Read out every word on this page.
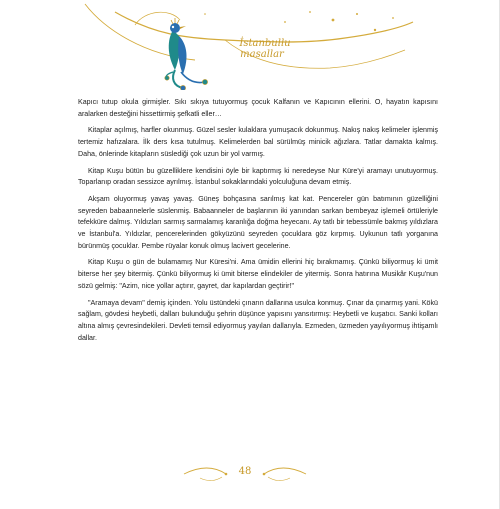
İstanbullu
masallar

Kapıcı tutup okula girmişler. Sıkı sıkıya tutuyormuş çocuk Kalfanın ve Kapıcının ellerini. O, hayatın kapısını aralarken desteğini hissettirmiş şefkatli eller…

Kitaplar açılmış, harfler okunmuş. Güzel sesler kulaklara yumuşacık dokunmuş. Nakış nakış kelimeler işlenmiş tertemiz hafızalara. İlk ders kısa tutulmuş. Kelimelerden bal sürülmüş minicik ağızlara. Tatlar damakta kalmış. Daha, önlerinde kitapların süslediği çok uzun bir yol varmış.

Kitap Kuşu bütün bu güzelliklere kendisini öyle bir kaptırmış ki neredeyse Nur Küre'yi aramayı unutuyormuş. Toparlanıp oradan sessizce ayrılmış. İstanbul sokaklarındaki yolculuğuna devam etmiş.

Akşam oluyormuş yavaş yavaş. Güneş bohçasına sarılmış kat kat. Pencereler gün batımının güzelliğini seyreden babaannelerle süslenmiş. Babaanneler de başlarının iki yanından sarkan bembeyaz işlemeli örtüleriyle tefekküre dalmış. Yıldızları sarmış sarmalamış karanlığa doğma heyecanı. Ay tatlı bir tebessümle bakmış yıldızlara ve İstanbul'a. Yıldızlar, pencerelerinden gökyüzünü seyreden çocuklara göz kırpmış. Uykunun tatlı yorganına bürünmüş çocuklar. Pembe rüyalar konuk olmuş lacivert gecelerine.

Kitap Kuşu o gün de bulamamış Nur Küresi'ni. Ama ümidin ellerini hiç bırakmamış. Çünkü biliyormuş ki ümit biterse her şey bitermiş. Çünkü biliyormuş ki ümit biterse elindekiler de yitermiş. Sonra hatırına Musikâr Kuşu'nun sözü gelmiş: "Azim, nice yollar açtırır, gayret, dar kapılardan geçtirir!"

"Aramaya devam" demiş içinden. Yolu üstündeki çınarın dallarına usulca konmuş. Çınar da çınarmış yani. Kökü sağlam, gövdesi heybetli, dalları bulunduğu şehrin düşünce yapısını yansıtırmış: Heybetli ve kuşatıcı. Sanki kolları altına almış çevresindekileri. Devleti temsil ediyormuş yayılan dallarıyla. Ezmeden, üzmeden yayılıyormuş ihtişamlı dallar.

48
